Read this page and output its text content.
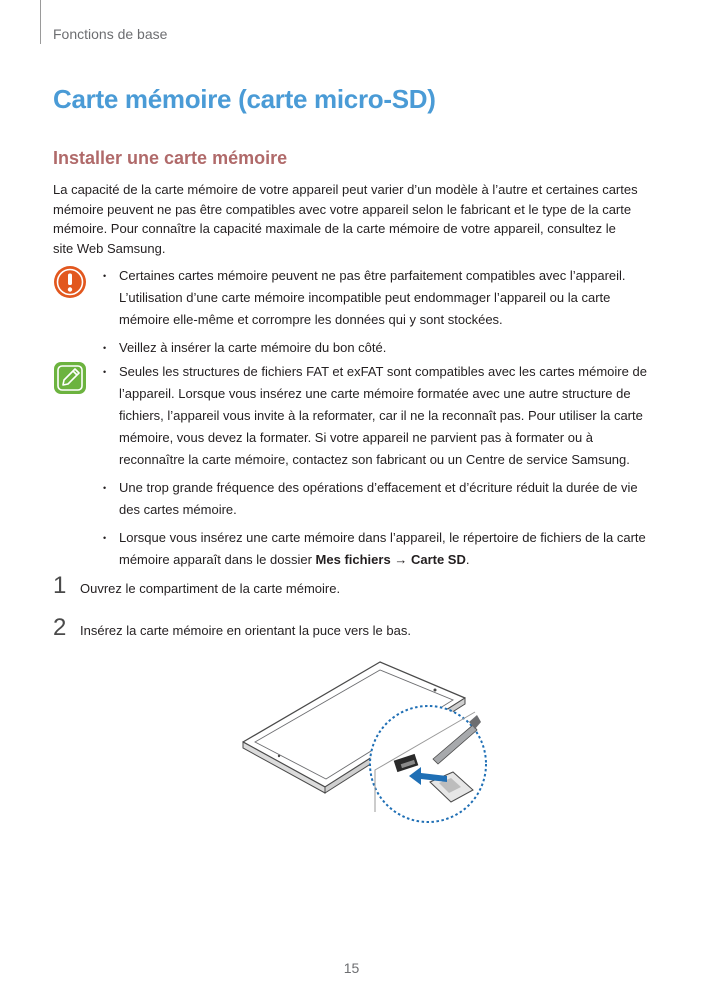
Fonctions de base
Carte mémoire (carte micro-SD)
Installer une carte mémoire
La capacité de la carte mémoire de votre appareil peut varier d’un modèle à l’autre et certaines cartes mémoire peuvent ne pas être compatibles avec votre appareil selon le fabricant et le type de la carte mémoire. Pour connaître la capacité maximale de la carte mémoire de votre appareil, consultez le site Web Samsung.
• Certaines cartes mémoire peuvent ne pas être parfaitement compatibles avec l’appareil. L’utilisation d’une carte mémoire incompatible peut endommager l’appareil ou la carte mémoire elle-même et corrompre les données qui y sont stockées.
• Veillez à insérer la carte mémoire du bon côté.
• Seules les structures de fichiers FAT et exFAT sont compatibles avec les cartes mémoire de l’appareil. Lorsque vous insérez une carte mémoire formatée avec une autre structure de fichiers, l’appareil vous invite à la reformater, car il ne la reconnaît pas. Pour utiliser la carte mémoire, vous devez la formater. Si votre appareil ne parvient pas à formater ou à reconnaître la carte mémoire, contactez son fabricant ou un Centre de service Samsung.
• Une trop grande fréquence des opérations d’effacement et d’écriture réduit la durée de vie des cartes mémoire.
• Lorsque vous insérez une carte mémoire dans l’appareil, le répertoire de fichiers de la carte mémoire apparaît dans le dossier Mes fichiers → Carte SD.
1 Ouvrez le compartiment de la carte mémoire.
2 Insérez la carte mémoire en orientant la puce vers le bas.
15
